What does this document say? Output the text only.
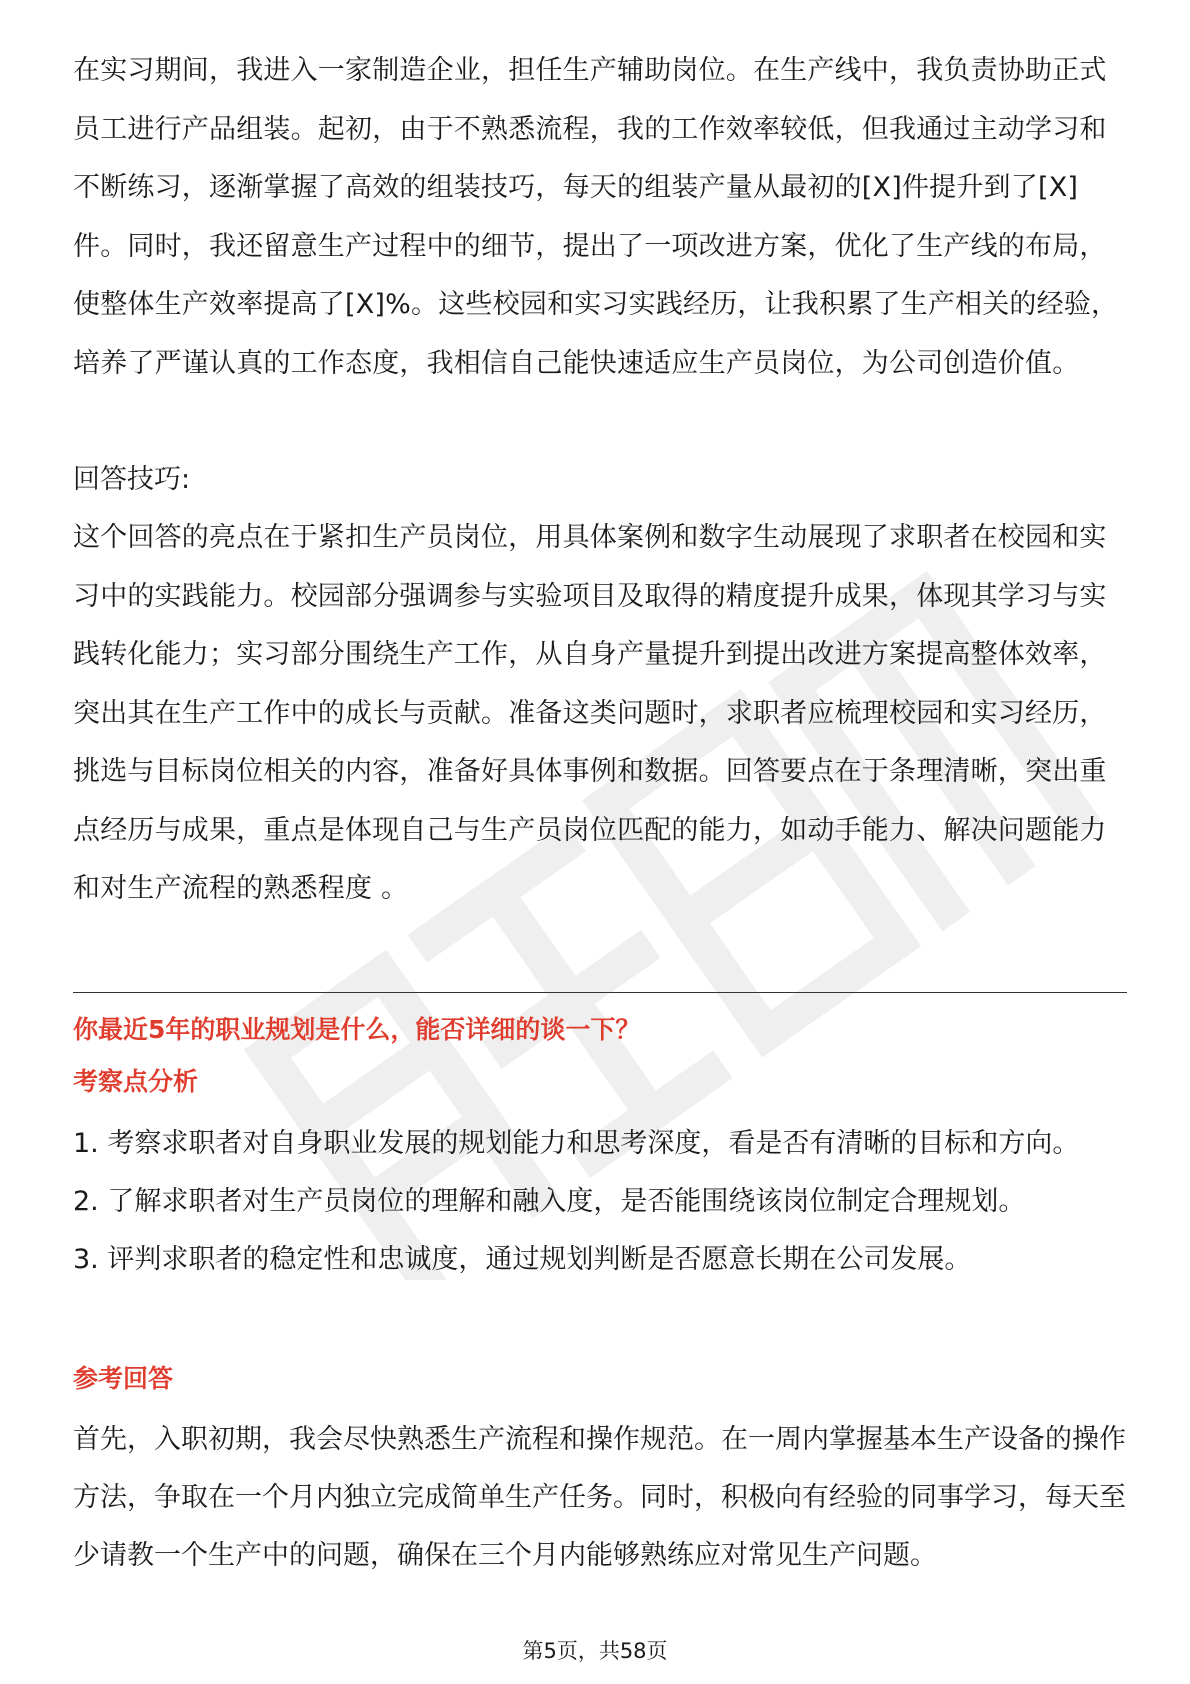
在实习期间，我进入一家制造企业，担任生产辅助岗位。在生产线中，我负责协助正式员工进行产品组装。起初，由于不熟悉流程，我的工作效率较低，但我通过主动学习和不断练习，逐渐掌握了高效的组装技巧，每天的组装产量从最初的[X]件提升到了[X]件。同时，我还留意生产过程中的细节，提出了一项改进方案，优化了生产线的布局，使整体生产效率提高了[X]%。这些校园和实习实践经历，让我积累了生产相关的经验，培养了严谨认真的工作态度，我相信自己能快速适应生产员岗位，为公司创造价值。

回答技巧:

这个回答的亮点在于紧扣生产员岗位，用具体案例和数字生动展现了求职者在校园和实习中的实践能力。校园部分强调参与实验项目及取得的精度提升成果，体现其学习与实践转化能力；实习部分围绕生产工作，从自身产量提升到提出改进方案提高整体效率，突出其在生产工作中的成长与贡献。准备这类问题时，求职者应梳理校园和实习经历，挑选与目标岗位相关的内容，准备好具体事例和数据。回答要点在于条理清晰，突出重点经历与成果，重点是体现自己与生产员岗位匹配的能力，如动手能力、解决问题能力和对生产流程的熟悉程度 。

你最近5年的职业规划是什么，能否详细的谈一下？

考察点分析

1. 考察求职者对自身职业发展的规划能力和思考深度，看是否有清晰的目标和方向。

2. 了解求职者对生产员岗位的理解和融入度，是否能围绕该岗位制定合理规划。

3. 评判求职者的稳定性和忠诚度，通过规划判断是否愿意长期在公司发展。

参考回答

首先，入职初期，我会尽快熟悉生产流程和操作规范。在一周内掌握基本生产设备的操作方法，争取在一个月内独立完成简单生产任务。同时，积极向有经验的同事学习，每天至少请教一个生产中的问题，确保在三个月内能够熟练应对常见生产问题。

第5页，共58页
